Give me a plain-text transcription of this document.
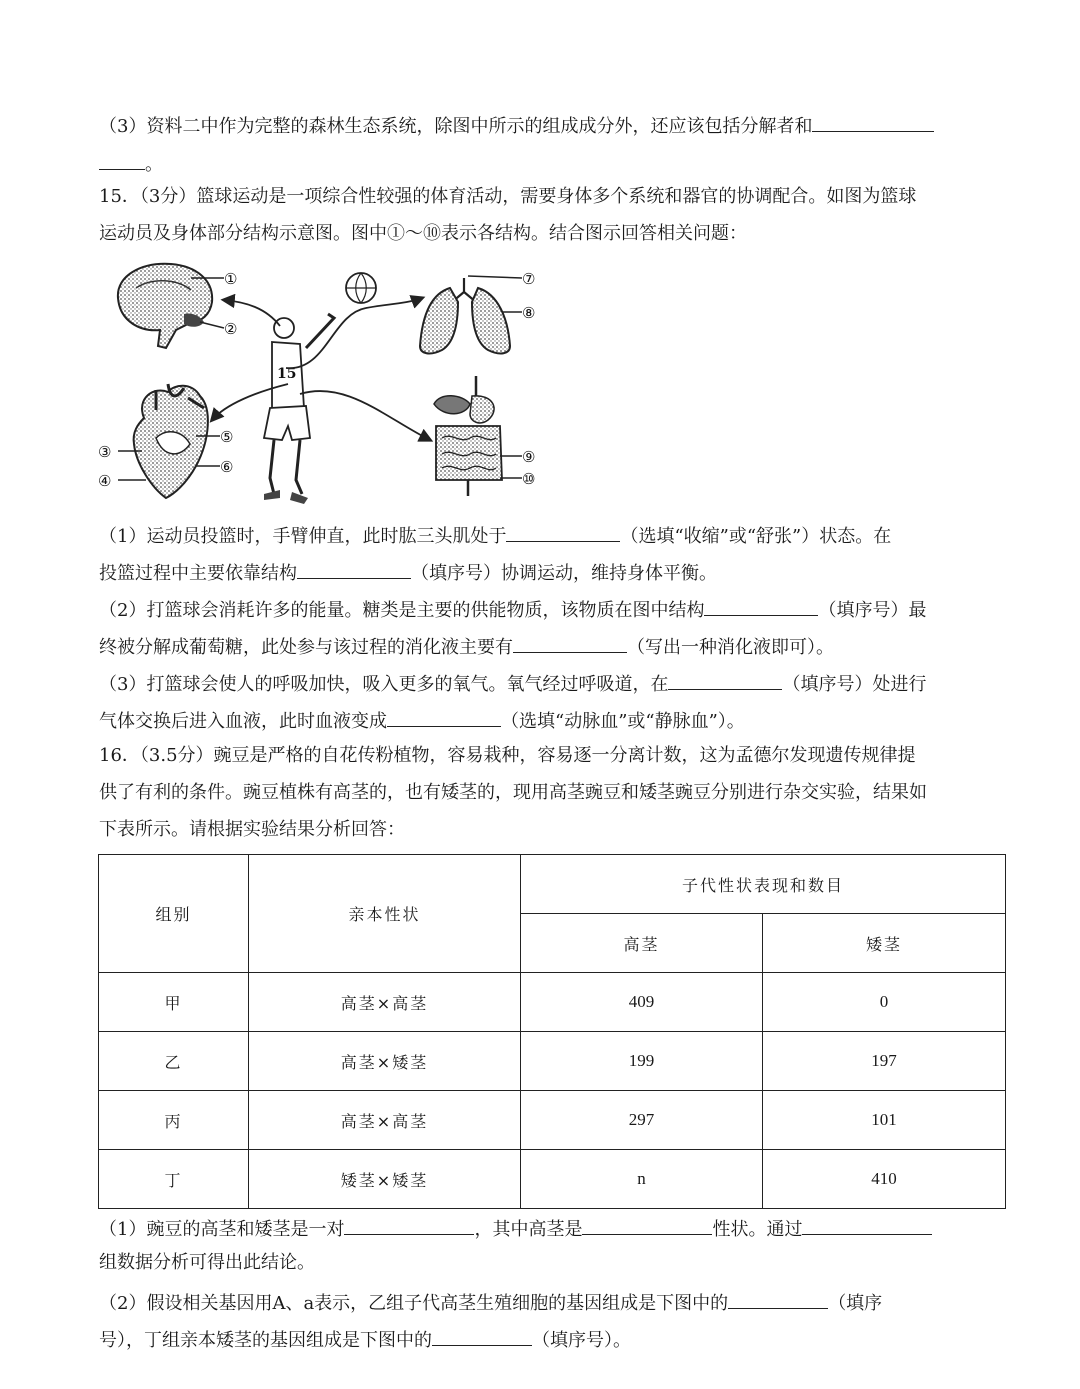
（3）资料二中作为完整的森林生态系统，除图中所示的组成成分外，还应该包括分解者和
。
15．（3分）篮球运动是一项综合性较强的体育活动，需要身体多个系统和器官的协调配合。如图为篮球
运动员及身体部分结构示意图。图中①～⑩表示各结构。结合图示回答相关问题：
①
②
③
④
⑤
⑥
15
⑦
⑧
⑨
⑩
（1）运动员投篮时，手臂伸直，此时肱三头肌处于	（选填“收缩”或“舒张”）状态。在
投篮过程中主要依靠结构	（填序号）协调运动，维持身体平衡。
（2）打篮球会消耗许多的能量。糖类是主要的供能物质，该物质在图中结构	（填序号）最
终被分解成葡萄糖，此处参与该过程的消化液主要有	（写出一种消化液即可）。
（3）打篮球会使人的呼吸加快，吸入更多的氧气。氧气经过呼吸道，在	（填序号）处进行
气体交换后进入血液，此时血液变成	（选填“动脉血”或“静脉血”）。
16．（3.5分）豌豆是严格的自花传粉植物，容易栽种，容易逐一分离计数，这为孟德尔发现遗传规律提
供了有利的条件。豌豆植株有高茎的，也有矮茎的，现用高茎豌豆和矮茎豌豆分别进行杂交实验，结果如
下表所示。请根据实验结果分析回答：
组别	亲本性状	子代性状表现和数目	
		高茎	矮茎
甲	高茎×高茎	409	0
乙	高茎×矮茎	199	197
丙	高茎×高茎	297	101
丁	矮茎×矮茎	n	410
（1）豌豆的高茎和矮茎是一对	，其中高茎是	性状。通过
组数据分析可得出此结论。
（2）假设相关基因用A、a表示，乙组子代高茎生殖细胞的基因组成是下图中的	（填序
号），丁组亲本矮茎的基因组成是下图中的	（填序号）。
